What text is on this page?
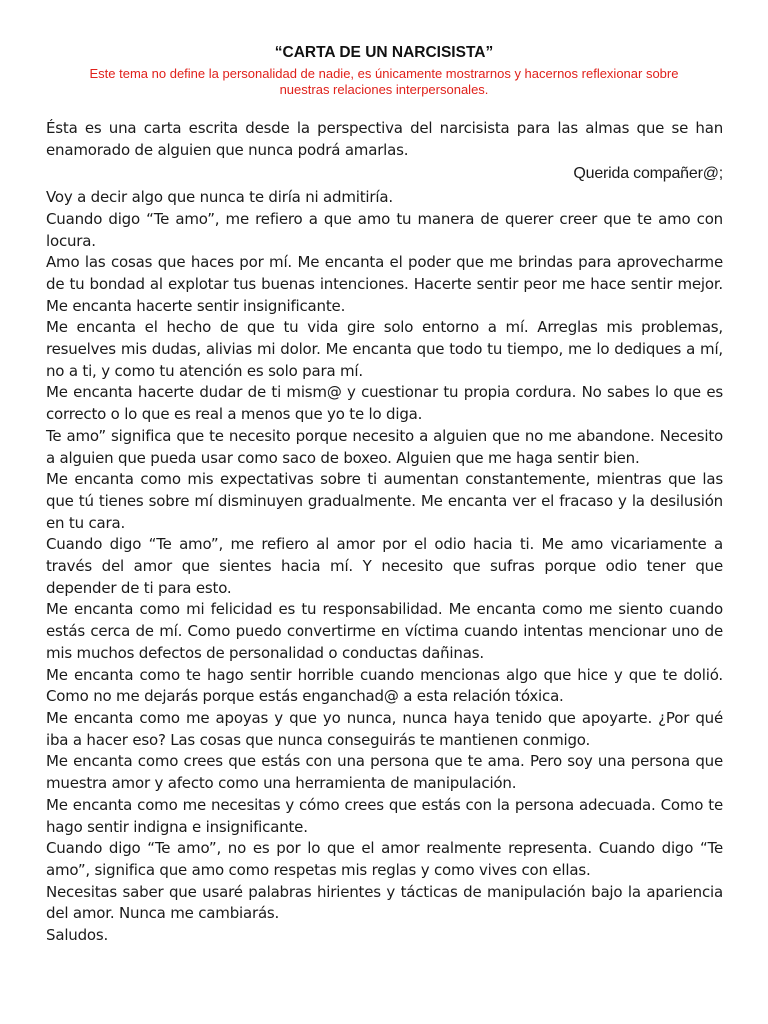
“CARTA DE UN NARCISISTA”

Este tema no define la personalidad de nadie, es únicamente mostrarnos y hacernos reflexionar sobre nuestras relaciones interpersonales.

Ésta es una carta escrita desde la perspectiva del narcisista para las almas que se han enamorado de alguien que nunca podrá amarlas.

Querida compañer@;

Voy a decir algo que nunca te diría ni admitiría.

Cuando digo “Te amo”, me refiero a que amo tu manera de querer creer que te amo con locura.

Amo las cosas que haces por mí. Me encanta el poder que me brindas para aprovecharme de tu bondad al explotar tus buenas intenciones. Hacerte sentir peor me hace sentir mejor. Me encanta hacerte sentir insignificante.

Me encanta el hecho de que tu vida gire solo entorno a mí. Arreglas mis problemas, resuelves mis dudas, alivias mi dolor. Me encanta que todo tu tiempo, me lo dediques a mí, no a ti, y como tu atención es solo para mí.

Me encanta hacerte dudar de ti mism@ y cuestionar tu propia cordura. No sabes lo que es correcto o lo que es real a menos que yo te lo diga.

Te amo” significa que te necesito porque necesito a alguien que no me abandone. Necesito a alguien que pueda usar como saco de boxeo. Alguien que me haga sentir bien.

Me encanta como mis expectativas sobre ti aumentan constantemente, mientras que las que tú tienes sobre mí disminuyen gradualmente. Me encanta ver el fracaso y la desilusión en tu cara.

Cuando digo “Te amo”, me refiero al amor por el odio hacia ti. Me amo vicariamente a través del amor que sientes hacia mí. Y necesito que sufras porque odio tener que depender de ti para esto.

Me encanta como mi felicidad es tu responsabilidad. Me encanta como me siento cuando estás cerca de mí. Como puedo convertirme en víctima cuando intentas mencionar uno de mis muchos defectos de personalidad o conductas dañinas.

Me encanta como te hago sentir horrible cuando mencionas algo que hice y que te dolió. Como no me dejarás porque estás enganchad@ a esta relación tóxica.

Me encanta como me apoyas y que yo nunca, nunca haya tenido que apoyarte. ¿Por qué iba a hacer eso? Las cosas que nunca conseguirás te mantienen conmigo.

Me encanta como crees que estás con una persona que te ama. Pero soy una persona que muestra amor y afecto como una herramienta de manipulación.

Me encanta como me necesitas y cómo crees que estás con la persona adecuada. Como te hago sentir indigna e insignificante.

Cuando digo “Te amo”, no es por lo que el amor realmente representa. Cuando digo “Te amo”, significa que amo como respetas mis reglas y como vives con ellas.

Necesitas saber que usaré palabras hirientes y tácticas de manipulación bajo la apariencia del amor. Nunca me cambiarás.

Saludos.
